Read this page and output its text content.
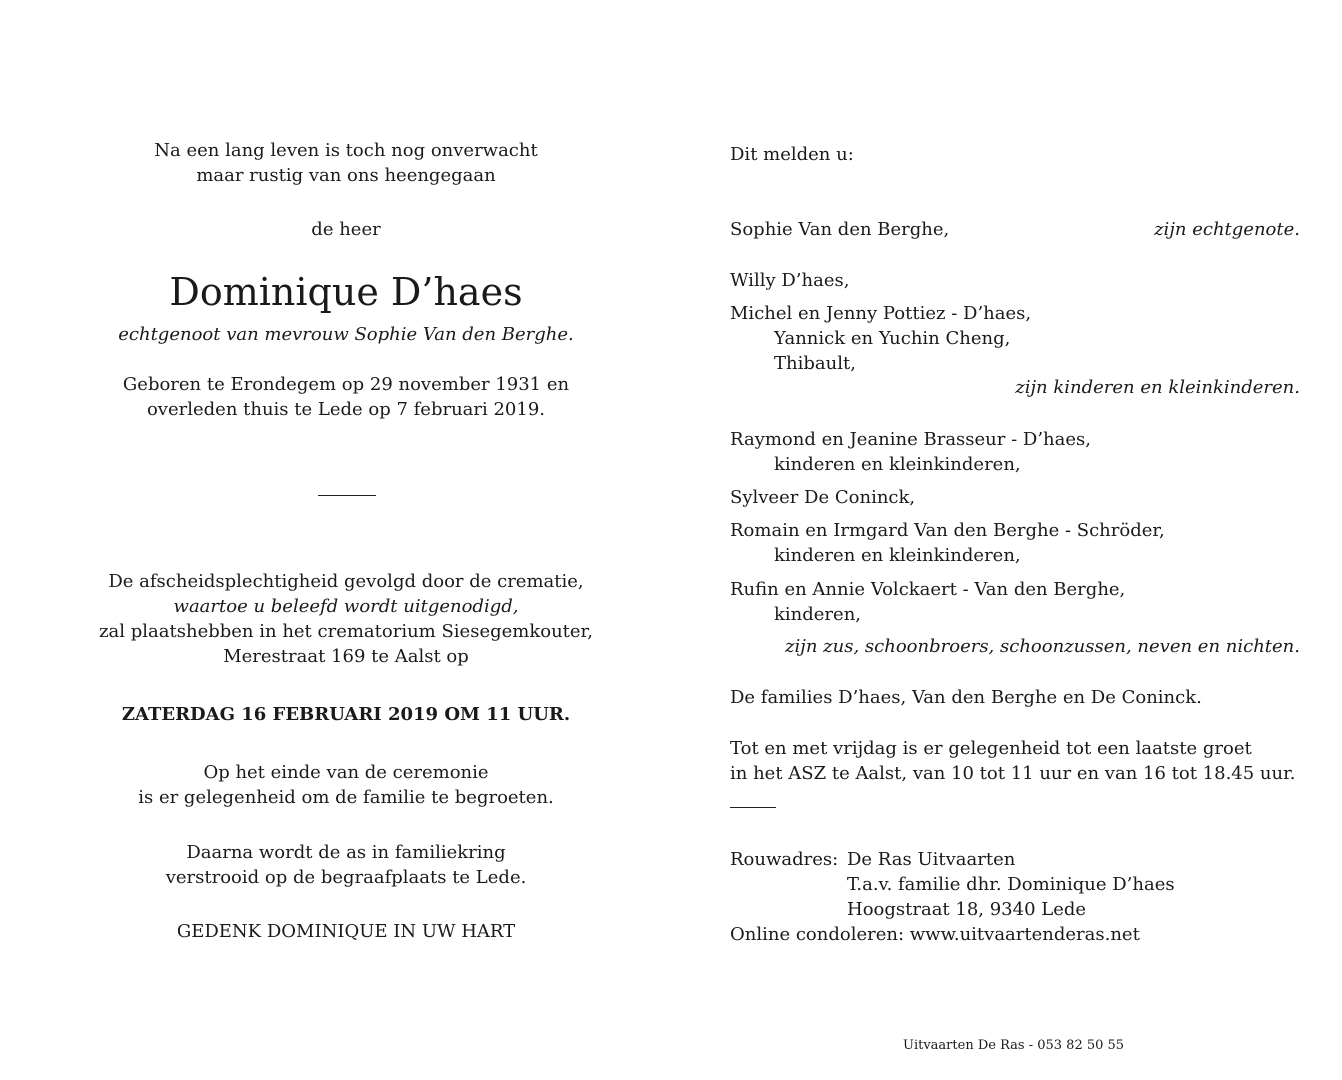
Na een lang leven is toch nog onverwacht
maar rustig van ons heengegaan
de heer
Dominique D’haes
echtgenoot van mevrouw Sophie Van den Berghe.
Geboren te Erondegem op 29 november 1931 en
overleden thuis te Lede op 7 februari 2019.
De afscheidsplechtigheid gevolgd door de crematie,
waartoe u beleefd wordt uitgenodigd,
zal plaatshebben in het crematorium Siesegemkouter,
Merestraat 169 te Aalst op
ZATERDAG 16 FEBRUARI 2019 OM 11 UUR.
Op het einde van de ceremonie
is er gelegenheid om de familie te begroeten.
Daarna wordt de as in familiekring
verstrooid op de begraafplaats te Lede.
GEDENK DOMINIQUE IN UW HART
Dit melden u:
Sophie Van den Berghe,	zijn echtgenote.
Willy D’haes,
Michel en Jenny Pottiez - D’haes,
Yannick en Yuchin Cheng,
Thibault,
zijn kinderen en kleinkinderen.
Raymond en Jeanine Brasseur - D’haes,
kinderen en kleinkinderen,
Sylveer De Coninck,
Romain en Irmgard Van den Berghe - Schröder,
kinderen en kleinkinderen,
Rufin en Annie Volckaert - Van den Berghe,
kinderen,
zijn zus, schoonbroers, schoonzussen, neven en nichten.
De families D’haes, Van den Berghe en De Coninck.
Tot en met vrijdag is er gelegenheid tot een laatste groet
in het ASZ te Aalst, van 10 tot 11 uur en van 16 tot 18.45 uur.
Rouwadres: De Ras Uitvaarten
T.a.v. familie dhr. Dominique D’haes
Hoogstraat 18, 9340 Lede
Online condoleren: www.uitvaartenderas.net
Uitvaarten De Ras - 053 82 50 55
